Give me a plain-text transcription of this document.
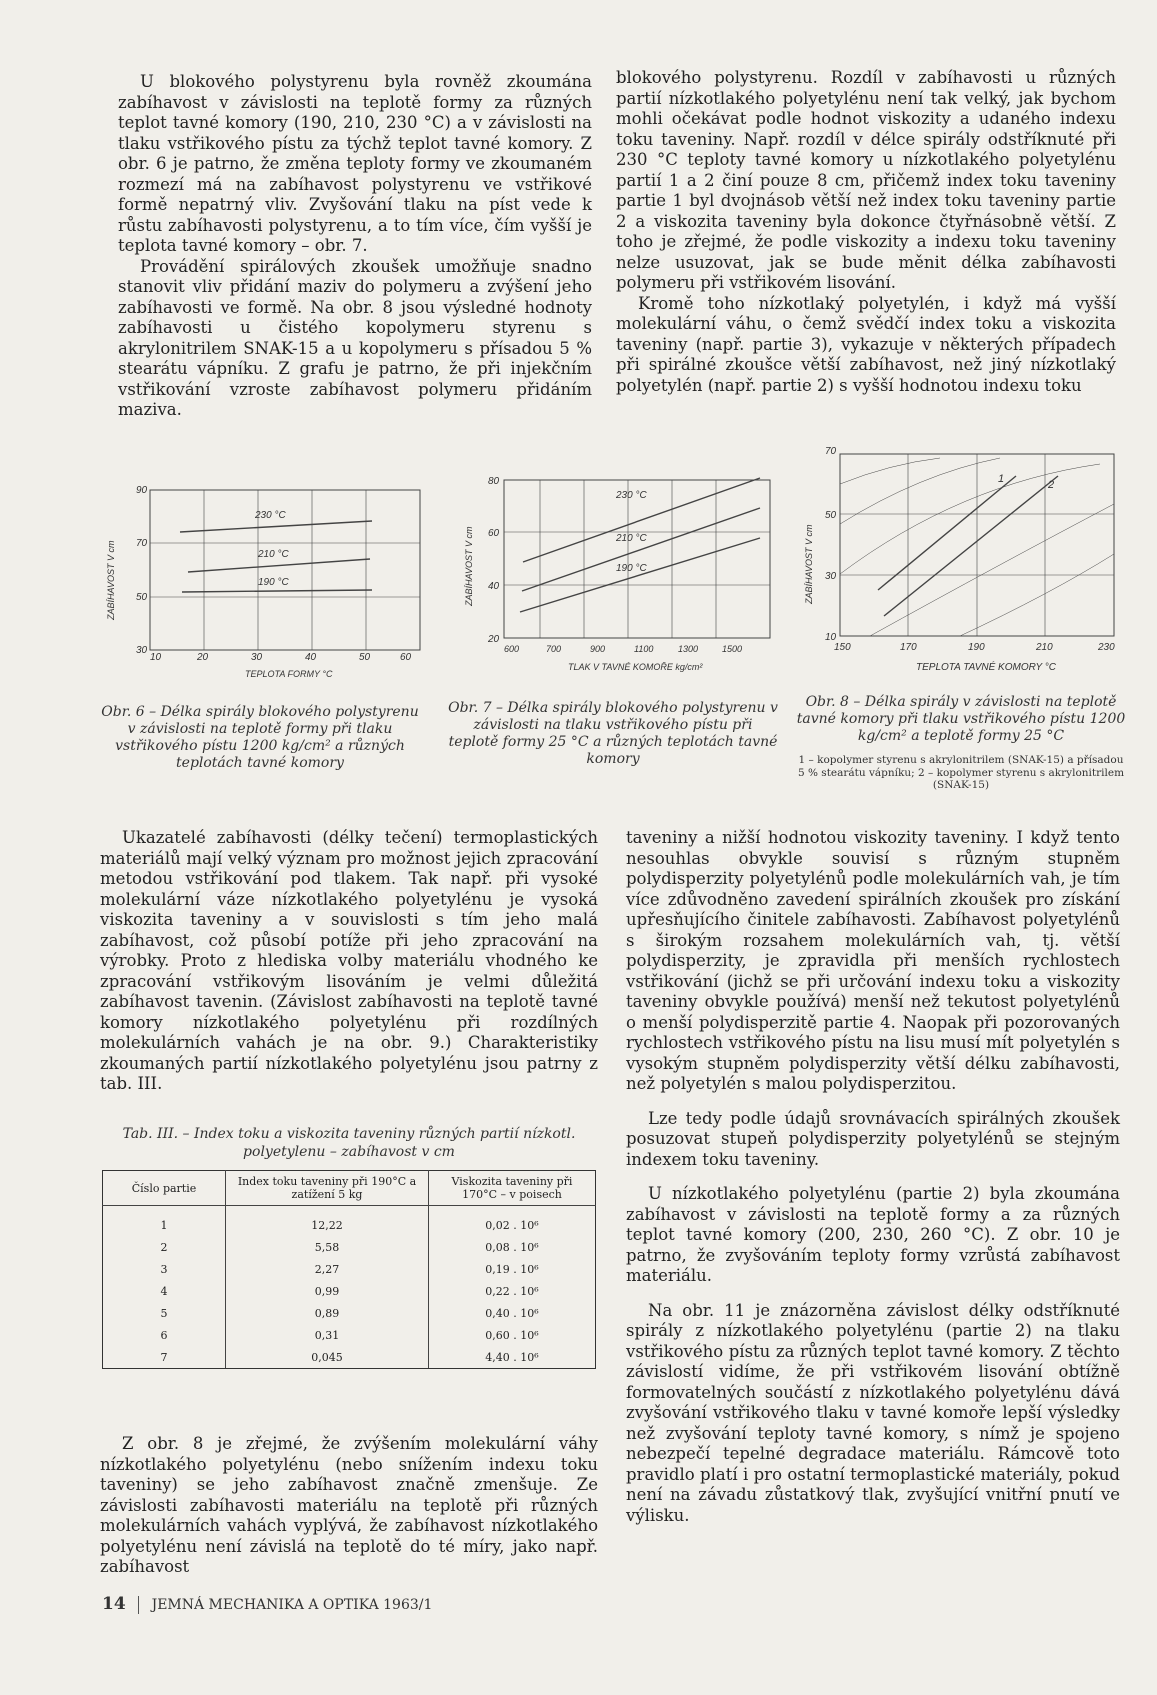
U blokového polystyrenu byla rovněž zkoumána zabíhavost v závislosti na teplotě formy za různých teplot tavné komory (190, 210, 230 °C) a v závislosti na tlaku vstřikového pístu za týchž teplot tavné komory. Z obr. 6 je patrno, že změna teploty formy ve zkoumaném rozmezí má na zabíhavost polystyrenu ve vstřikové formě nepatrný vliv. Zvyšování tlaku na píst vede k růstu zabíhavosti polystyrenu, a to tím více, čím vyšší je teplota tavné komory – obr. 7.

Provádění spirálových zkoušek umožňuje snadno stanovit vliv přidání maziv do polymeru a zvýšení jeho zabíhavosti ve formě. Na obr. 8 jsou výsledné hodnoty zabíhavosti u čistého kopolymeru styrenu s akrylonitrilem SNAK-15 a u kopolymeru s přísadou 5 % stearátu vápníku. Z grafu je patrno, že při injekčním vstřikování vzroste zabíhavost polymeru přidáním maziva.

blokového polystyrenu. Rozdíl v zabíhavosti u různých partií nízkotlakého polyetylénu není tak velký, jak bychom mohli očekávat podle hodnot viskozity a udaného indexu toku taveniny. Např. rozdíl v délce spirály odstříknuté při 230 °C teploty tavné komory u nízkotlakého polyetylénu partií 1 a 2 činí pouze 8 cm, přičemž index toku taveniny partie 1 byl dvojnásob větší než index toku taveniny partie 2 a viskozita taveniny byla dokonce čtyřnásobně větší. Z toho je zřejmé, že podle viskozity a indexu toku taveniny nelze usuzovat, jak se bude měnit délka zabíhavosti polymeru při vstřikovém lisování.

Kromě toho nízkotlaký polyetylén, i když má vyšší molekulární váhu, o čemž svědčí index toku a viskozita taveniny (např. partie 3), vykazuje v některých případech při spirálné zkoušce větší zabíhavost, než jiný nízkotlaký polyetylén (např. partie 2) s vyšší hodnotou indexu toku

230 °C
210 °C
190 °C
90
70
50
30
10	20	30	40	50	60
TEPLOTA FORMY °C
ZABÍHAVOST V cm
Obr. 6 – Délka spirály blokového polystyrenu v závislosti na teplotě formy při tlaku vstřikového pístu 1200 kg/cm² a různých teplotách tavné komory
230 °C
210 °C
190 °C
80
60
40
20
600	700	900	1100	1300	1500
TLAK V TAVNÉ KOMOŘE kg/cm²
ZABÍHAVOST V cm
Obr. 7 – Délka spirály blokového polystyrenu v závislosti na tlaku vstřikového pístu při teplotě formy 25 °C a různých teplotách tavné komory
1	2
70
50
30
10
150	170	190	210	230
TEPLOTA TAVNÉ KOMORY °C
ZABÍHAVOST V cm
Obr. 8 – Délka spirály v závislosti na teplotě tavné komory při tlaku vstřikového pístu 1200 kg/cm² a teplotě formy 25 °C
1 – kopolymer styrenu s akrylonitrilem (SNAK-15) a přísadou 5 % stearátu vápníku; 2 – kopolymer styrenu s akrylonitrilem (SNAK-15)

Ukazatelé zabíhavosti (délky tečení) termoplastických materiálů mají velký význam pro možnost jejich zpracování metodou vstřikování pod tlakem. Tak např. při vysoké molekulární váze nízkotlakého polyetylénu je vysoká viskozita taveniny a v souvislosti s tím jeho malá zabíhavost, což působí potíže při jeho zpracování na výrobky. Proto z hlediska volby materiálu vhodného ke zpracování vstřikovým lisováním je velmi důležitá zabíhavost tavenin. (Závislost zabíhavosti na teplotě tavné komory nízkotlakého polyetylénu při rozdílných molekulárních vahách je na obr. 9.) Charakteristiky zkoumaných partií nízkotlakého polyetylénu jsou patrny z tab. III.

Tab. III. – Index toku a viskozita taveniny různých partií nízkotl.
polyetylenu – zabíhavost v cm
Číslo partie	Index toku taveniny při 190°C a zatížení 5 kg	Viskozita taveniny při 170°C – v poisech
1	12,22	0,02 . 10⁶
2	5,58	0,08 . 10⁶
3	2,27	0,19 . 10⁶
4	0,99	0,22 . 10⁶
5	0,89	0,40 . 10⁶
6	0,31	0,60 . 10⁶
7	0,045	4,40 . 10⁶

Z obr. 8 je zřejmé, že zvýšením molekulární váhy nízkotlakého polyetylénu (nebo snížením indexu toku taveniny) se jeho zabíhavost značně zmenšuje. Ze závislosti zabíhavosti materiálu na teplotě při různých molekulárních vahách vyplývá, že zabíhavost nízkotlakého polyetylénu není závislá na teplotě do té míry, jako např. zabíhavost

taveniny a nižší hodnotou viskozity taveniny. I když tento nesouhlas obvykle souvisí s různým stupněm polydisperzity polyetylénů podle molekulárních vah, je tím více zdůvodněno zavedení spirálních zkoušek pro získání upřesňujícího činitele zabíhavosti. Zabíhavost polyetylénů s širokým rozsahem molekulárních vah, tj. větší polydisperzity, je zpravidla při menších rychlostech vstřikování (jichž se při určování indexu toku a viskozity taveniny obvykle používá) menší než tekutost polyetylénů o menší polydisperzitě partie 4. Naopak při pozorovaných rychlostech vstřikového pístu na lisu musí mít polyetylén s vysokým stupněm polydisperzity větší délku zabíhavosti, než polyetylén s malou polydisperzitou.

Lze tedy podle údajů srovnávacích spirálných zkoušek posuzovat stupeň polydisperzity polyetylénů se stejným indexem toku taveniny.

U nízkotlakého polyetylénu (partie 2) byla zkoumána zabíhavost v závislosti na teplotě formy a za různých teplot tavné komory (200, 230, 260 °C). Z obr. 10 je patrno, že zvyšováním teploty formy vzrůstá zabíhavost materiálu.

Na obr. 11 je znázorněna závislost délky odstříknuté spirály z nízkotlakého polyetylénu (partie 2) na tlaku vstřikového pístu za různých teplot tavné komory. Z těchto závislostí vidíme, že při vstřikovém lisování obtížně formovatelných součástí z nízkotlakého polyetylénu dává zvyšování vstřikového tlaku v tavné komoře lepší výsledky než zvyšování teploty tavné komory, s nímž je spojeno nebezpečí tepelné degradace materiálu. Rámcově toto pravidlo platí i pro ostatní termoplastické materiály, pokud není na závadu zůstatkový tlak, zvyšující vnitřní pnutí ve výlisku.

14 JEMNÁ MECHANIKA A OPTIKA 1963/1
